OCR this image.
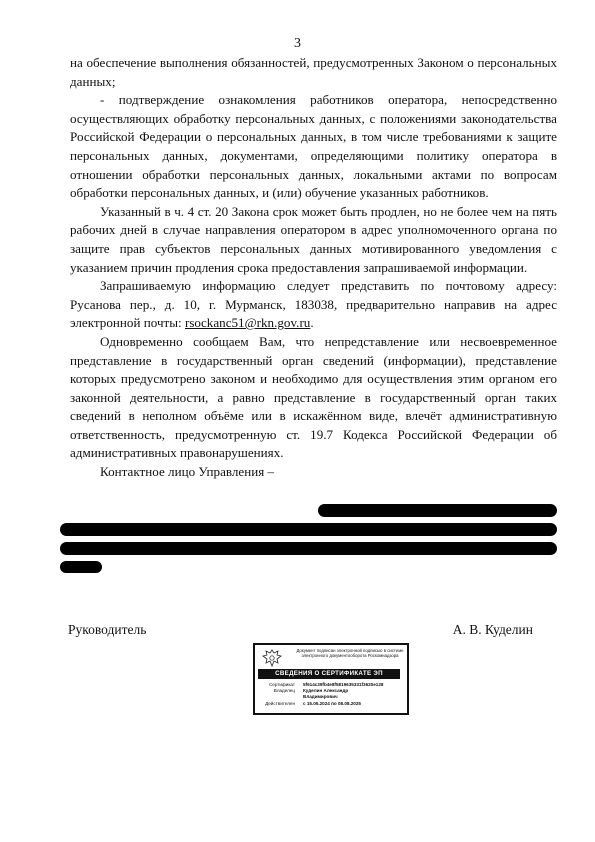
3

на обеспечение выполнения обязанностей, предусмотренных Законом о персональных данных;

- подтверждение ознакомления работников оператора, непосредственно осуществляющих обработку персональных данных, с положениями законодательства Российской Федерации о персональных данных, в том числе требованиями к защите персональных данных, документами, определяющими политику оператора в отношении обработки персональных данных, локальными актами по вопросам обработки персональных данных, и (или) обучение указанных работников.

Указанный в ч. 4 ст. 20 Закона срок может быть продлен, но не более чем на пять рабочих дней в случае направления оператором в адрес уполномоченного органа по защите прав субъектов персональных данных мотивированного уведомления с указанием причин продления срока предоставления запрашиваемой информации.

Запрашиваемую информацию следует представить по почтовому адресу: Русанова пер., д. 10, г. Мурманск, 183038, предварительно направив на адрес электронной почты: rsockanc51@rkn.gov.ru.

Одновременно сообщаем Вам, что непредставление или несвоевременное представление в государственный орган сведений (информации), представление которых предусмотрено законом и необходимо для осуществления этим органом его законной деятельности, а равно представление в государственный орган таких сведений в неполном объёме или в искажённом виде, влечёт административную ответственность, предусмотренную ст. 19.7 Кодекса Российской Федерации об административных правонарушениях.

Контактное лицо Управления –

Руководитель	А. В. Куделин
Документ подписан электронной подписью в системе электронного документооборота Роскомнадзора
СВЕДЕНИЯ О СЕРТИФИКАТЕ ЭП
Сертификат 5f614c39fb4e8f5819635331f3620e128
Владелец Куделин Александр
Владимирович
Действителен с 15.05.2024 по 08.08.2025
